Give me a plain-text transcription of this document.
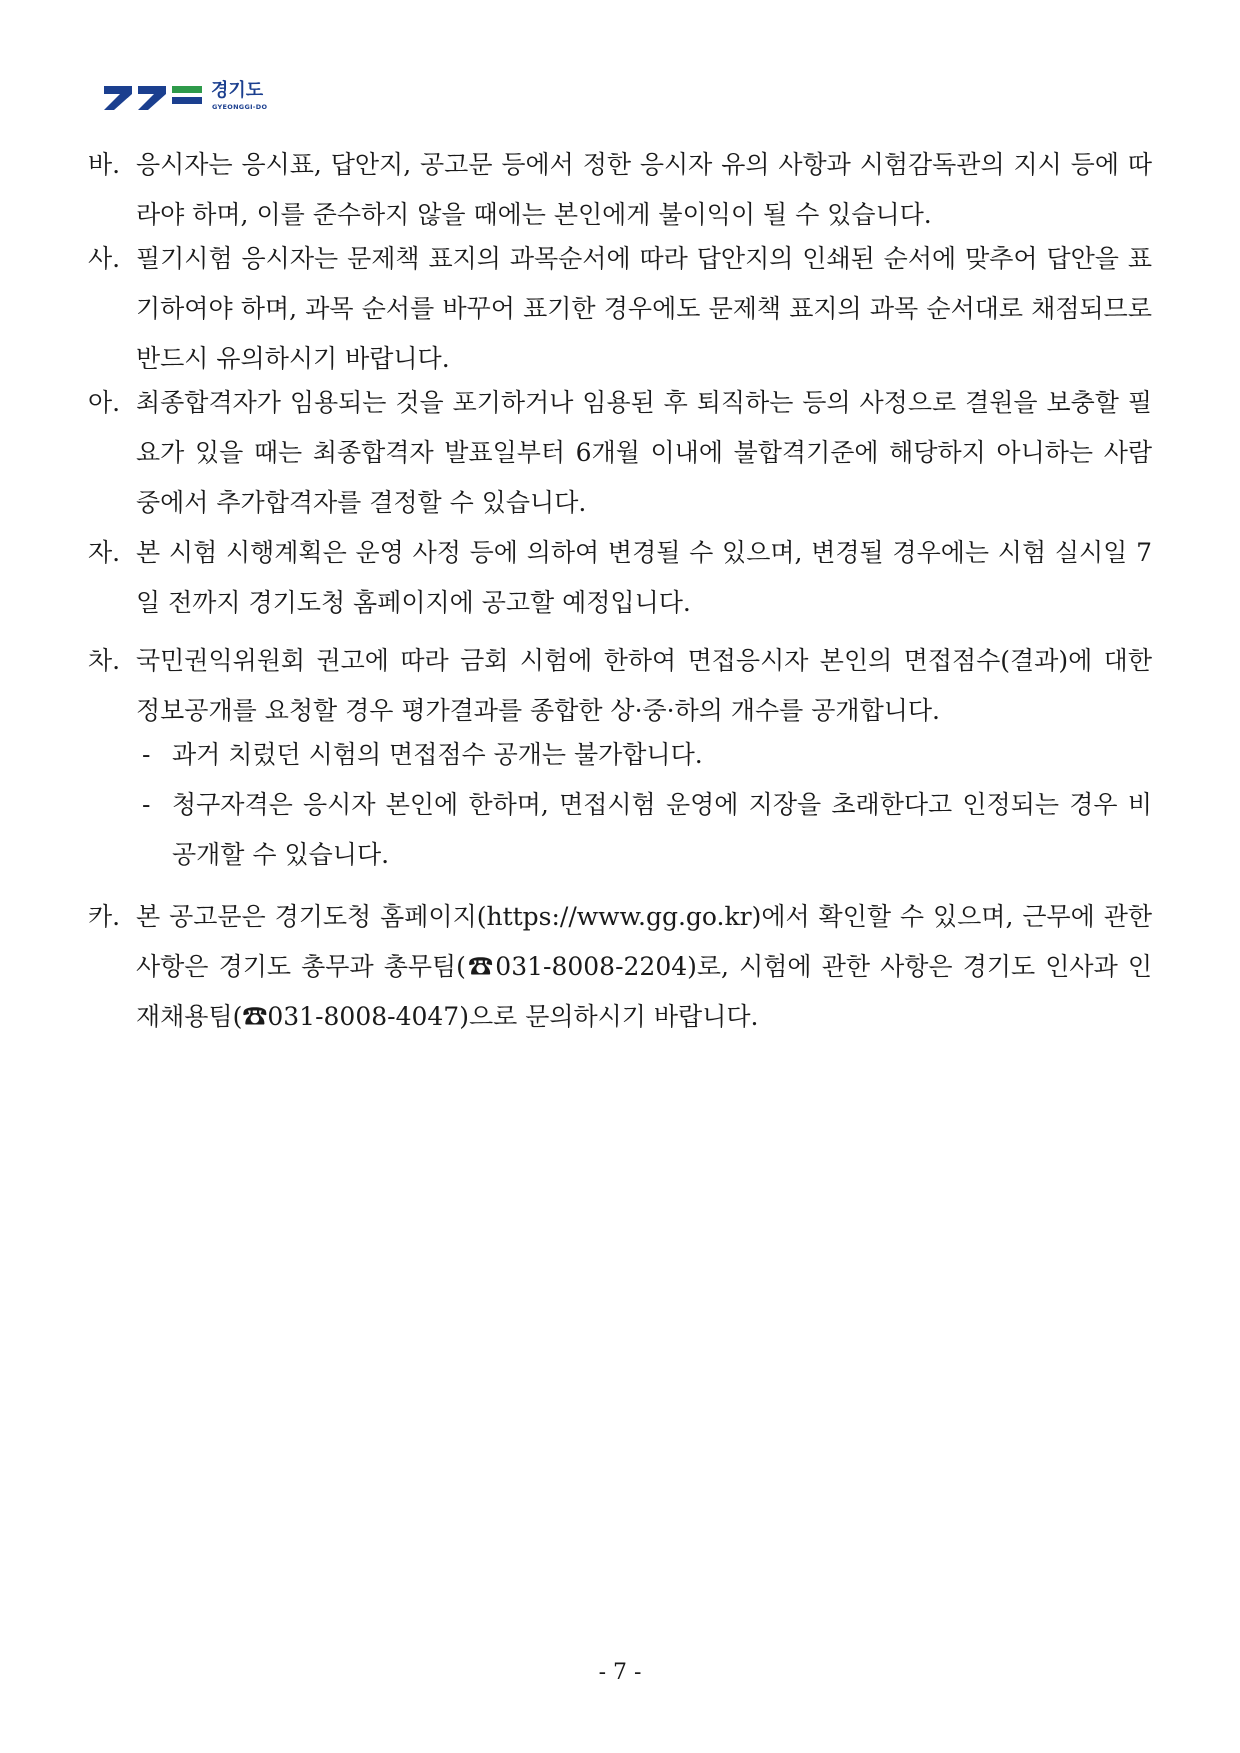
경기도
GYEONGGI-DO
바. 응시자는 응시표, 답안지, 공고문 등에서 정한 응시자 유의 사항과 시험감독관의 지시 등에 따라야 하며, 이를 준수하지 않을 때에는 본인에게 불이익이 될 수 있습니다.
사. 필기시험 응시자는 문제책 표지의 과목순서에 따라 답안지의 인쇄된 순서에 맞추어 답안을 표기하여야 하며, 과목 순서를 바꾸어 표기한 경우에도 문제책 표지의 과목 순서대로 채점되므로 반드시 유의하시기 바랍니다.
아. 최종합격자가 임용되는 것을 포기하거나 임용된 후 퇴직하는 등의 사정으로 결원을 보충할 필요가 있을 때는 최종합격자 발표일부터 6개월 이내에 불합격기준에 해당하지 아니하는 사람 중에서 추가합격자를 결정할 수 있습니다.
자. 본 시험 시행계획은 운영 사정 등에 의하여 변경될 수 있으며, 변경될 경우에는 시험 실시일 7일 전까지 경기도청 홈페이지에 공고할 예정입니다.
차. 국민권익위원회 권고에 따라 금회 시험에 한하여 면접응시자 본인의 면접점수(결과)에 대한 정보공개를 요청할 경우 평가결과를 종합한 상·중·하의 개수를 공개합니다.
- 과거 치렀던 시험의 면접점수 공개는 불가합니다.
- 청구자격은 응시자 본인에 한하며, 면접시험 운영에 지장을 초래한다고 인정되는 경우 비공개할 수 있습니다.
카. 본 공고문은 경기도청 홈페이지(https://www.gg.go.kr)에서 확인할 수 있으며, 근무에 관한 사항은 경기도 총무과 총무팀(☎031-8008-2204)로, 시험에 관한 사항은 경기도 인사과 인재채용팀(☎031-8008-4047)으로 문의하시기 바랍니다.
- 7 -
